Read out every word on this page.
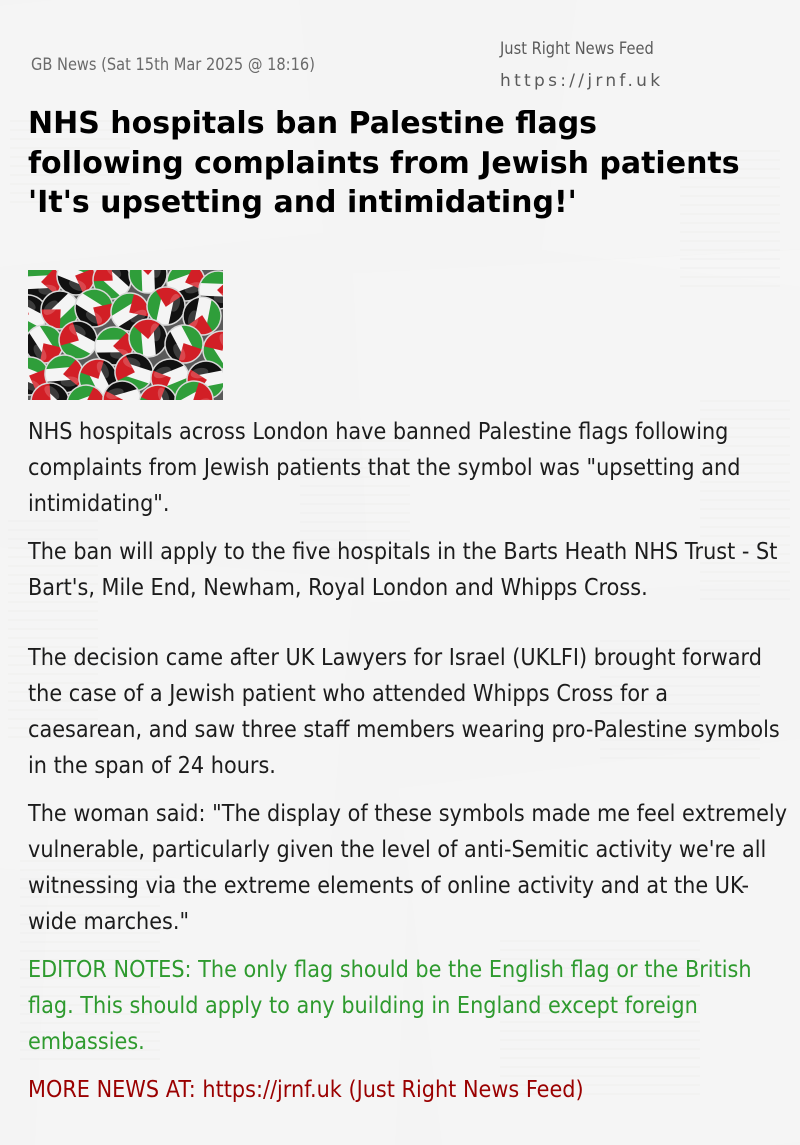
GB News (Sat 15th Mar 2025 @ 18:16)
Just Right News Feed
https://jrnf.uk
NHS hospitals ban Palestine flags following complaints from Jewish patients 'It's upsetting and intimidating!'

NHS hospitals across London have banned Palestine flags following complaints from Jewish patients that the symbol was "upsetting and intimidating".

The ban will apply to the five hospitals in the Barts Heath NHS Trust - St Bart's, Mile End, Newham, Royal London and Whipps Cross.

The decision came after UK Lawyers for Israel (UKLFI) brought forward the case of a Jewish patient who attended Whipps Cross for a caesarean, and saw three staff members wearing pro-Palestine symbols in the span of 24 hours.

The woman said: "The display of these symbols made me feel extremely vulnerable, particularly given the level of anti-Semitic activity we're all witnessing via the extreme elements of online activity and at the UK-wide marches."

EDITOR NOTES: The only flag should be the English flag or the British flag. This should apply to any building in England except foreign embassies.

MORE NEWS AT: https://jrnf.uk (Just Right News Feed)
